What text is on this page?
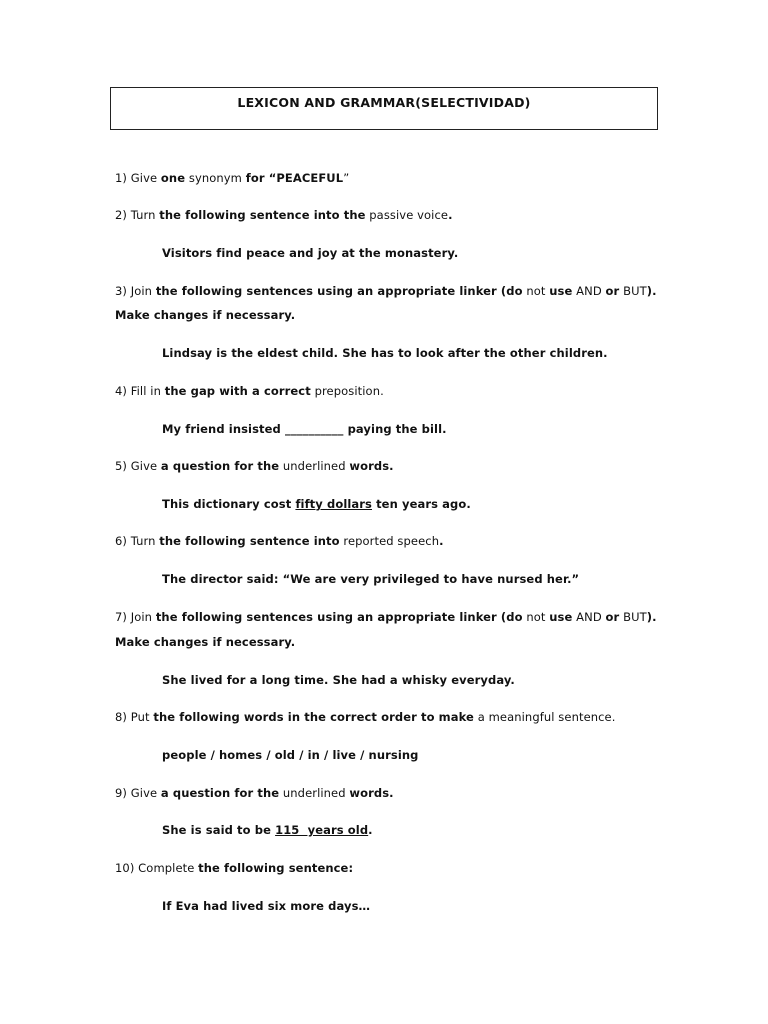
LEXICON AND GRAMMAR(SELECTIVIDAD)
1) Give one synonym for “PEACEFUL”
2) Turn the following sentence into the passive voice.
Visitors find peace and joy at the monastery.
3) Join the following sentences using an appropriate linker (do not use AND or BUT).
Make changes if necessary.
Lindsay is the eldest child. She has to look after the other children.
4) Fill in the gap with a correct preposition.
My friend insisted __________ paying the bill.
5) Give a question for the underlined words.
This dictionary cost fifty dollars ten years ago.
6) Turn the following sentence into reported speech.
The director said: “We are very privileged to have nursed her.”
7) Join the following sentences using an appropriate linker (do not use AND or BUT).
Make changes if necessary.
She lived for a long time. She had a whisky everyday.
8) Put the following words in the correct order to make a meaningful sentence.
people / homes / old / in / live / nursing
9) Give a question for the underlined words.
She is said to be 115  years old.
10) Complete the following sentence:
If Eva had lived six more days…
